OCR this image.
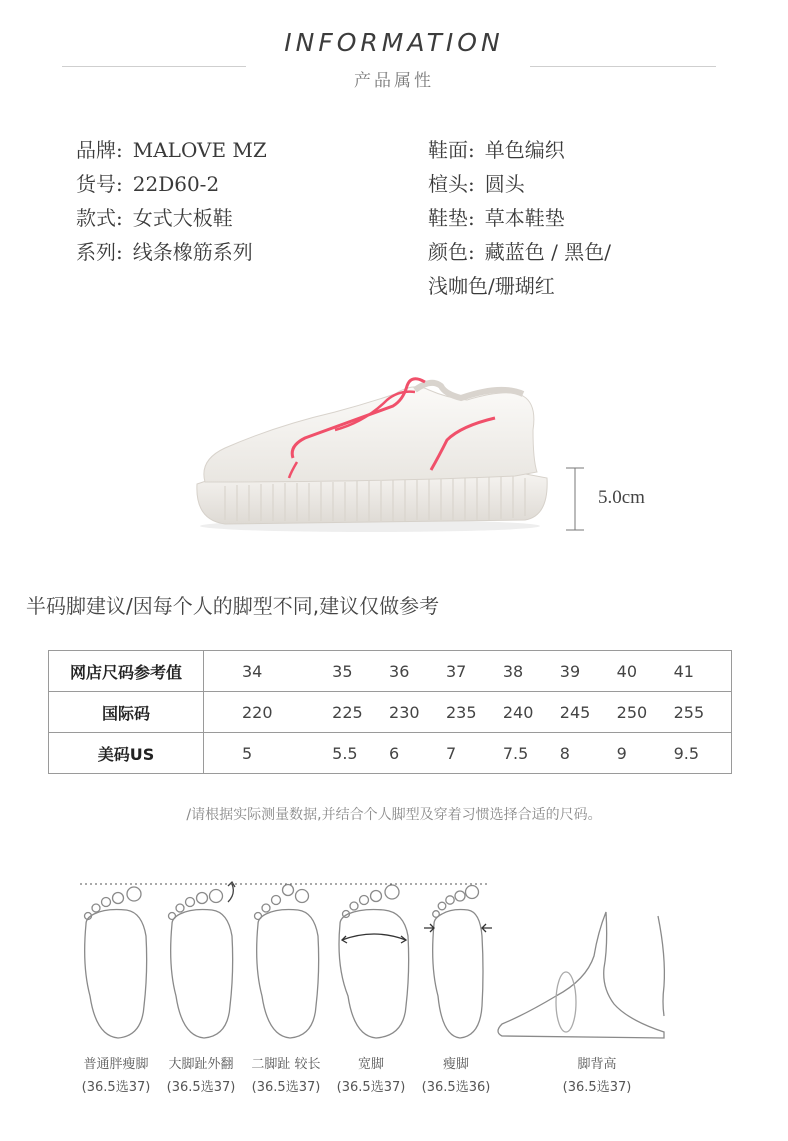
INFORMATION
产品属性
品牌: MALOVE MZ
货号: 22D60-2
款式: 女式大板鞋
系列: 线条橡筋系列
鞋面: 单色编织
楦头: 圆头
鞋垫: 草本鞋垫
颜色: 藏蓝色 / 黑色/
浅咖色/珊瑚红
5.0cm
半码脚建议/因每个人的脚型不同,建议仅做参考
网店尺码参考值	34	35	36	37	38	39	40	41
国际码	220	225	230	235	240	245	250	255
美码US	5	5.5	6	7	7.5	8	9	9.5
/请根据实际测量数据,并结合个人脚型及穿着习惯选择合适的尺码。
普通胖瘦脚
(36.5选37)
大脚趾外翻
(36.5选37)
二脚趾 较长
(36.5选37)
宽脚
(36.5选37)
瘦脚
(36.5选36)
脚背高
(36.5选37)
